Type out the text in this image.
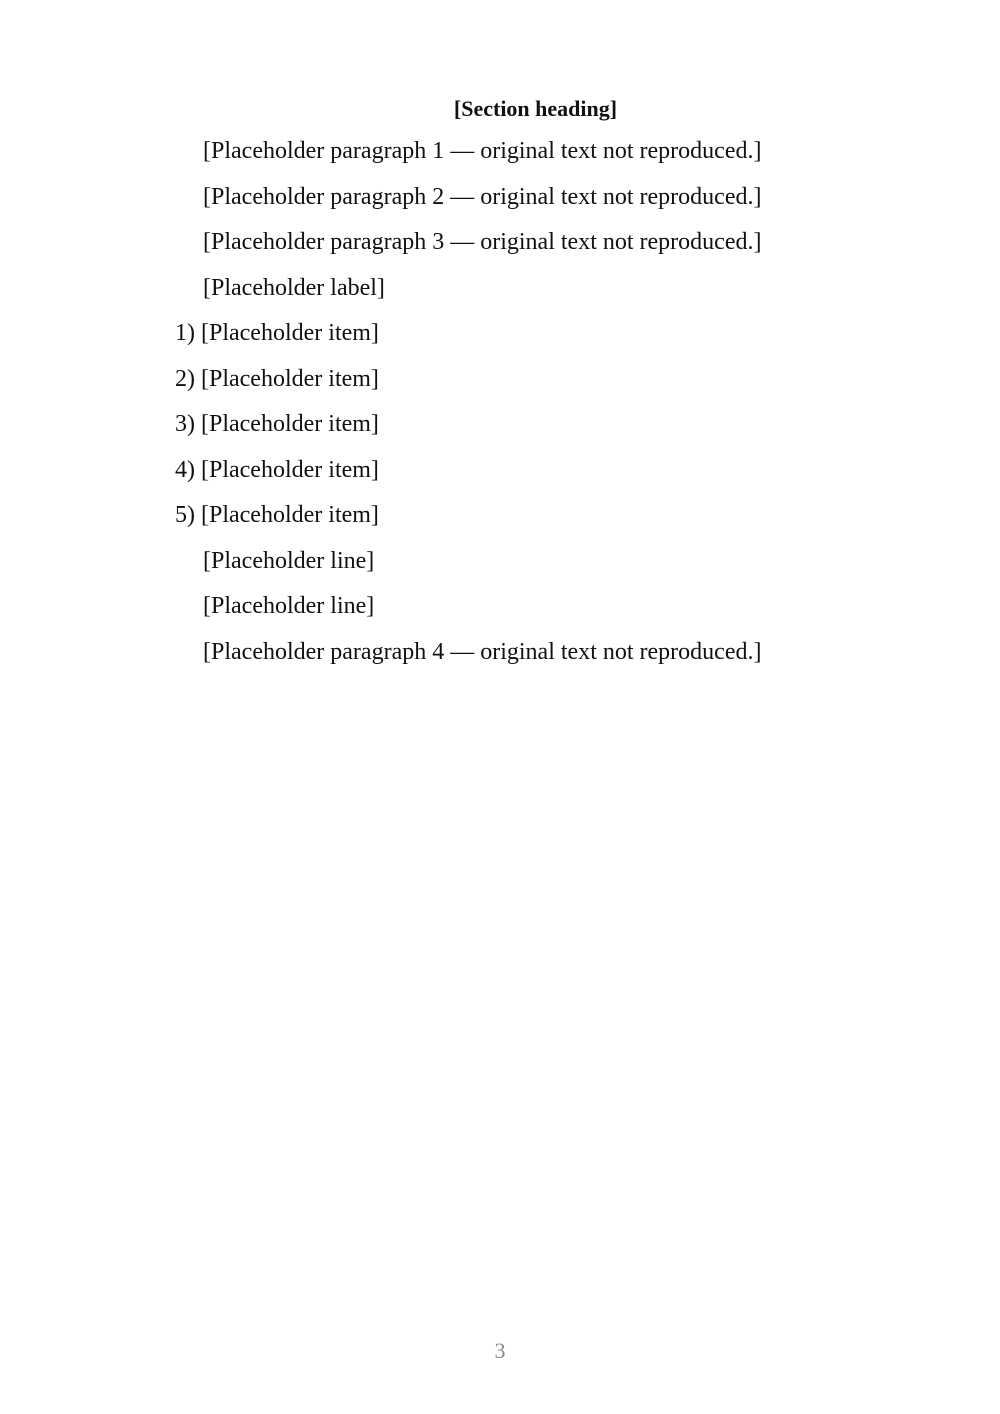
[Section heading]

[Placeholder paragraph 1 — original text not reproduced.]

[Placeholder paragraph 2 — original text not reproduced.]

[Placeholder paragraph 3 — original text not reproduced.]

[Placeholder label]

1) [Placeholder item]

2) [Placeholder item]

3) [Placeholder item]

4) [Placeholder item]

5) [Placeholder item]

[Placeholder line]

[Placeholder line]

[Placeholder paragraph 4 — original text not reproduced.]

3
